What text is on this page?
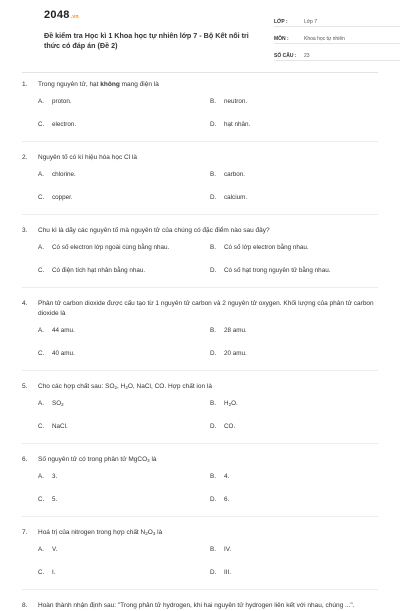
2048.vn
Đề kiểm tra Học kì 1 Khoa học tự nhiên lớp 7 - Bộ Kết nối tri thức có đáp án (Đề 2)
LỚP :	Lớp 7
MÔN :	Khoa học tự nhiên
SỐ CÂU :	23
1.	Trong nguyên tử, hạt không mang điện là
A.	proton.	B.	neutron.
C.	electron.	D.	hạt nhân.
2.	Nguyên tố có kí hiệu hóa học Cl là
A.	chlorine.	B.	carbon.
C.	copper.	D.	calcium.
3.	Chu kì là dãy các nguyên tố mà nguyên tử của chúng có đặc điểm nào sau đây?
A.	Có số electron lớp ngoài cùng bằng nhau.	B.	Có số lớp electron bằng nhau.
C.	Có điện tích hạt nhân bằng nhau.	D.	Có số hạt trong nguyên tử bằng nhau.
4.	Phân tử carbon dioxide được cấu tạo từ 1 nguyên tử carbon và 2 nguyên tử oxygen. Khối lượng của phân tử carbon dioxide là
A.	44 amu.	B.	28 amu.
C.	40 amu.	D.	20 amu.
5.	Cho các hợp chất sau: $SO_2$, $H_2O$, NaCl, CO. Hợp chất ion là
A.	$SO_2$	B.	$H_2O$.
C.	NaCl.	D.	CO.
6.	Số nguyên tử có trong phân tử MgCO$_3$ là
A.	3.	B.	4.
C.	5.	D.	6.
7.	Hoá trị của nitrogen trong hợp chất $N_2O_3$ là
A.	V.	B.	IV.
C.	I.	D.	III.
8.	Hoàn thành nhận định sau: "Trong phân tử hydrogen, khi hai nguyên tử hydrogen liên kết với nhau, chúng ...".
